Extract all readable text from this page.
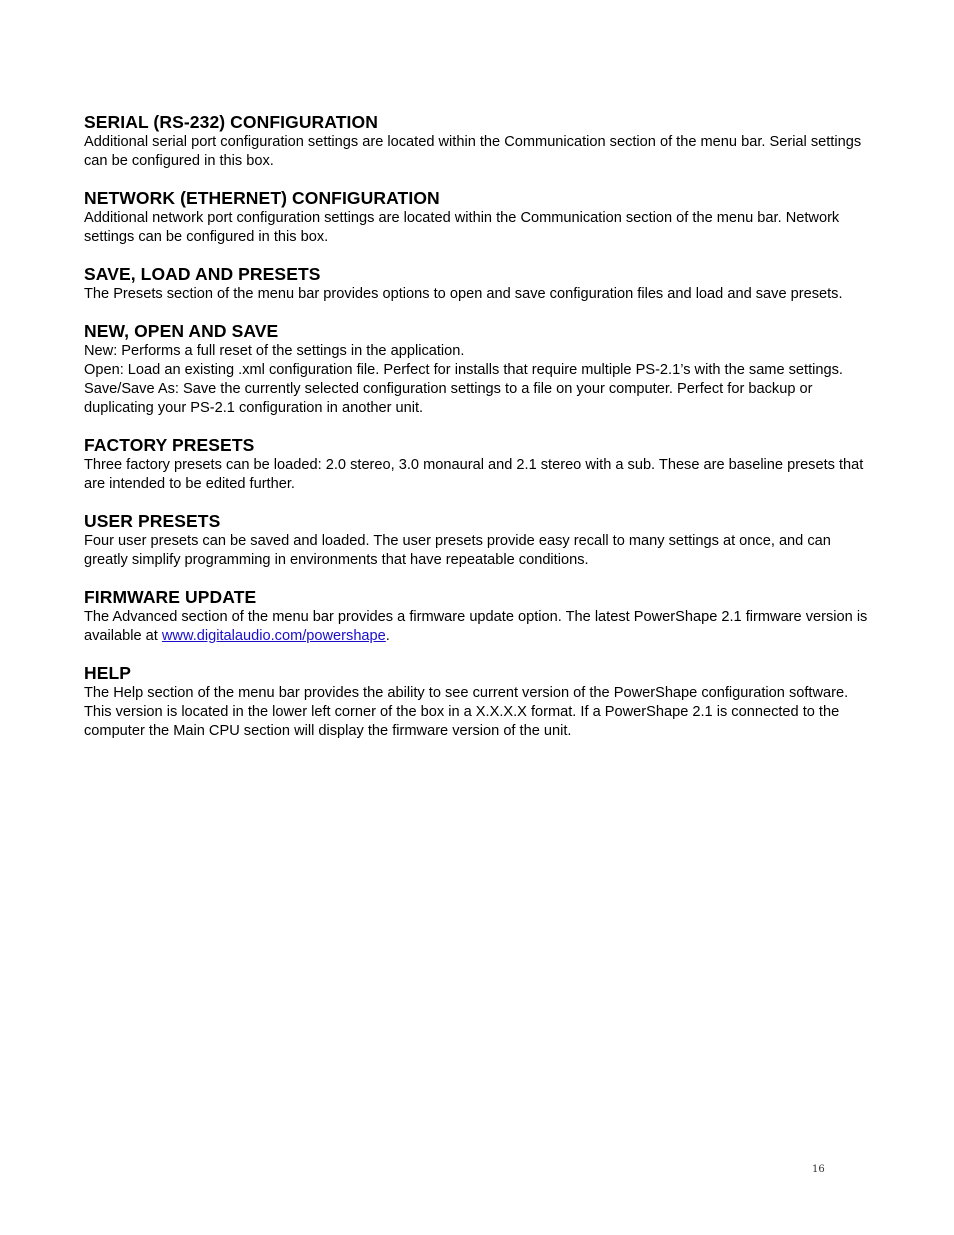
SERIAL (RS-232) CONFIGURATION

Additional serial port configuration settings are located within the Communication section of the menu bar. Serial settings can be configured in this box.

NETWORK (ETHERNET) CONFIGURATION

Additional network port configuration settings are located within the Communication section of the menu bar. Network settings can be configured in this box.

SAVE, LOAD AND PRESETS

The Presets section of the menu bar provides options to open and save configuration files and load and save presets.

NEW, OPEN AND SAVE

New: Performs a full reset of the settings in the application.

Open: Load an existing .xml configuration file. Perfect for installs that require multiple PS-2.1’s with the same settings.

Save/Save As: Save the currently selected configuration settings to a file on your computer. Perfect for backup or duplicating your PS-2.1 configuration in another unit.

FACTORY PRESETS

Three factory presets can be loaded: 2.0 stereo, 3.0 monaural and 2.1 stereo with a sub. These are baseline presets that are intended to be edited further.

USER PRESETS

Four user presets can be saved and loaded. The user presets provide easy recall to many settings at once, and can greatly simplify programming in environments that have repeatable conditions.

FIRMWARE UPDATE

The Advanced section of the menu bar provides a firmware update option. The latest PowerShape 2.1 firmware version is available at www.digitalaudio.com/powershape.

HELP

The Help section of the menu bar provides the ability to see current version of the PowerShape configuration software. This version is located in the lower left corner of the box in a X.X.X.X format. If a PowerShape 2.1 is connected to the computer the Main CPU section will display the firmware version of the unit.

16
